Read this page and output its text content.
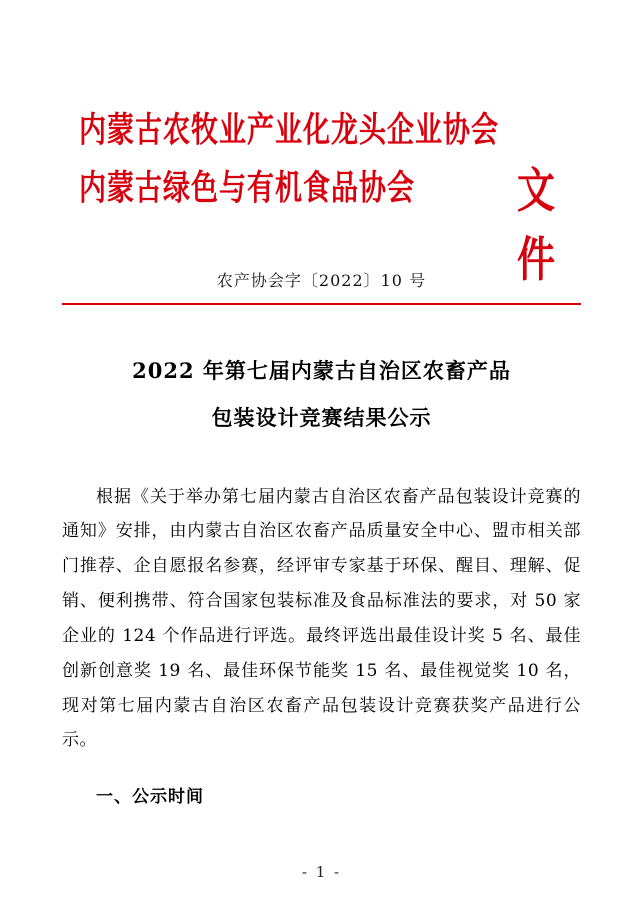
内蒙古农牧业产业化龙头企业协会
内蒙古绿色与有机食品协会	文件
农产协会字〔2022〕10 号
2022 年第七届内蒙古自治区农畜产品
包装设计竞赛结果公示

根据《关于举办第七届内蒙古自治区农畜产品包装设计竞赛的通知》安排，由内蒙古自治区农畜产品质量安全中心、盟市相关部门推荐、企自愿报名参赛，经评审专家基于环保、醒目、理解、促销、便利携带、符合国家包装标准及食品标准法的要求，对 50 家企业的 124 个作品进行评选。最终评选出最佳设计奖 5 名、最佳创新创意奖 19 名、最佳环保节能奖 15 名、最佳视觉奖 10 名，现对第七届内蒙古自治区农畜产品包装设计竞赛获奖产品进行公示。

一、公示时间
- 1 -
